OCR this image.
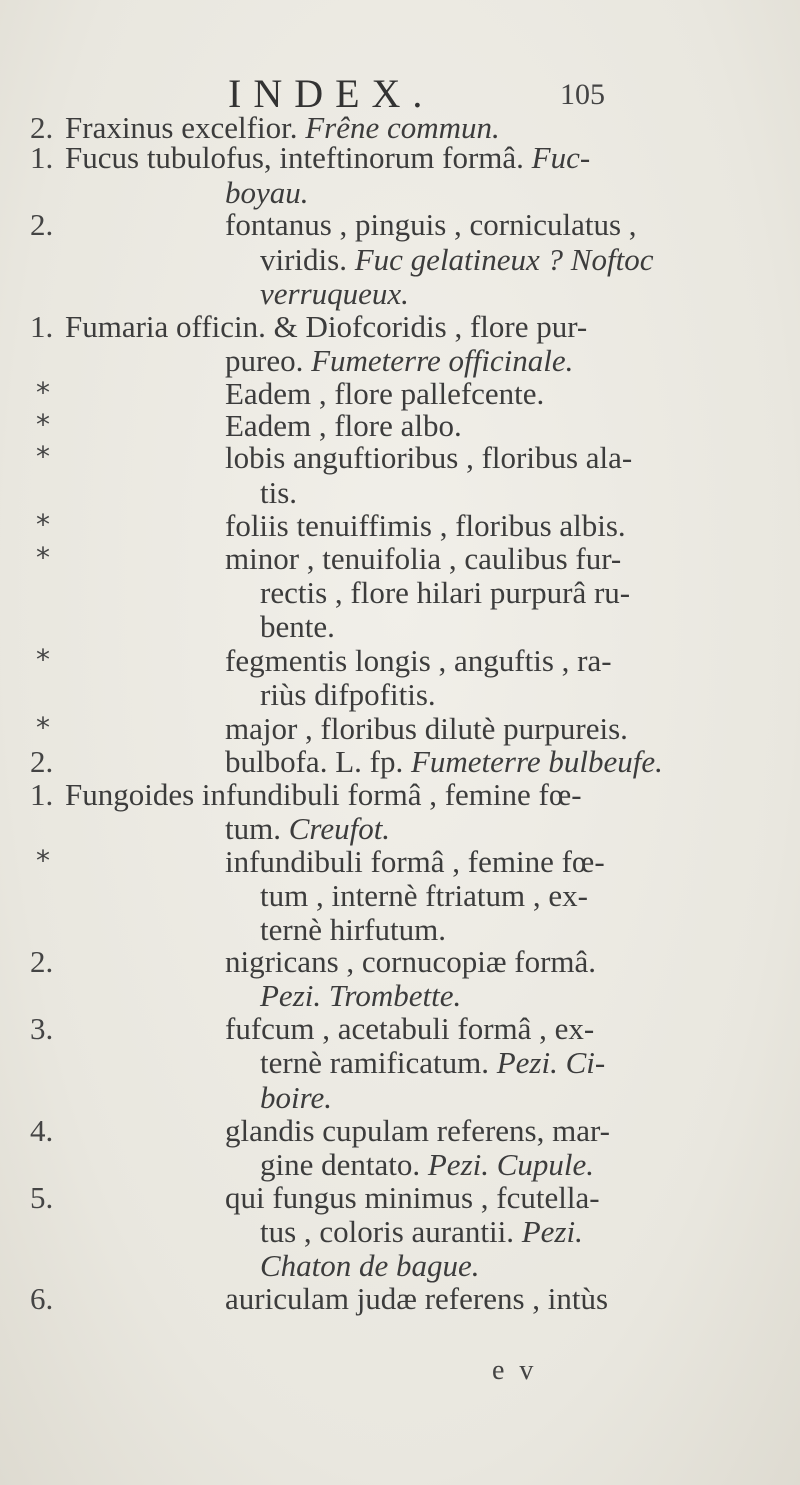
INDEX.	105
2. Fraxinus excelfior. Frêne commun.
1. Fucus tubulofus, inteftinorum formâ. Fuc-
boyau.
2.	fontanus , pinguis , corniculatus ,
viridis. Fuc gelatineux ? Noftoc
verruqueux.
1. Fumaria officin. & Diofcoridis , flore pur-
pureo. Fumeterre officinale.
*	Eadem , flore pallefcente.
*	Eadem , flore albo.
*	lobis anguftioribus , floribus ala-
tis.
*	foliis tenuiffimis , floribus albis.
*	minor , tenuifolia , caulibus fur-
rectis , flore hilari purpurâ ru-
bente.
*	fegmentis longis , anguftis , ra-
riùs difpofitis.
*	major , floribus dilutè purpureis.
2.	bulbofa. L. fp. Fumeterre bulbeufe.
1. Fungoides infundibuli formâ , femine fœ-
tum. Creufot.
*	infundibuli formâ , femine fœ-
tum , internè ftriatum , ex-
ternè hirfutum.
2.	nigricans , cornucopiæ formâ.
Pezi. Trombette.
3.	fufcum , acetabuli formâ , ex-
ternè ramificatum. Pezi. Ci-
boire.
4.	glandis cupulam referens, mar-
gine dentato. Pezi. Cupule.
5.	qui fungus minimus , fcutella-
tus , coloris aurantii. Pezi.
Chaton de bague.
6.	auriculam judæ referens , intùs
e v
